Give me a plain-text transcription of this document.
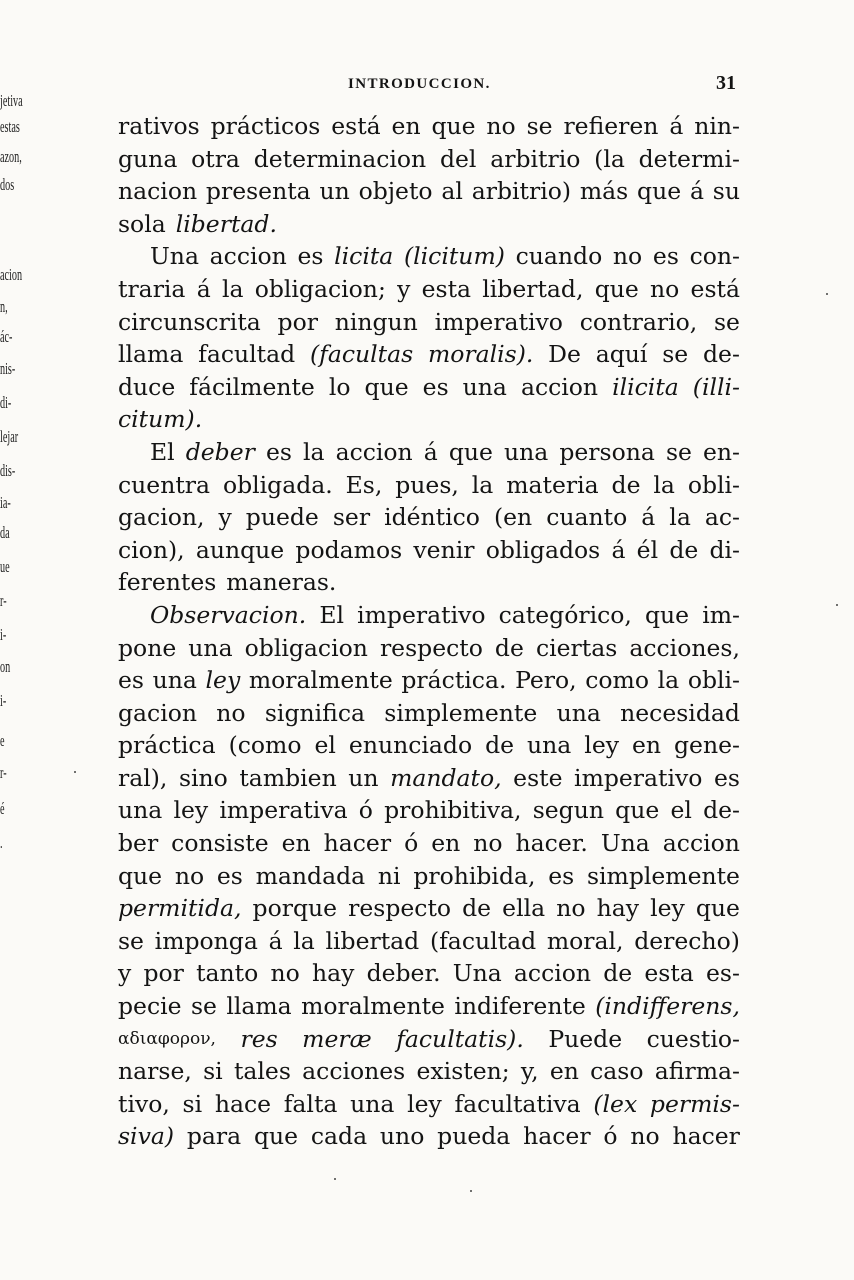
jetiva
estas
azon,
dos
acion
n,
ác-
nis-
di-
lejar
dis-
ia-
da
ue
r-
i-
on
i-
e
r-
é
.
INTRODUCCION.	31
rativos prácticos está en que no se refieren á nin-
guna otra determinacion del arbitrio (la determi-
nacion presenta un objeto al arbitrio) más que á su
sola libertad.
Una accion es licita (licitum) cuando no es con-
traria á la obligacion; y esta libertad, que no está
circunscrita por ningun imperativo contrario, se
llama facultad (facultas moralis). De aquí se de-
duce fácilmente lo que es una accion ilicita (illi-
citum).
El deber es la accion á que una persona se en-
cuentra obligada. Es, pues, la materia de la obli-
gacion, y puede ser idéntico (en cuanto á la ac-
cion), aunque podamos venir obligados á él de di-
ferentes maneras.
Observacion. El imperativo categórico, que im-
pone una obligacion respecto de ciertas acciones,
es una ley moralmente práctica. Pero, como la obli-
gacion no significa simplemente una necesidad
práctica (como el enunciado de una ley en gene-
ral), sino tambien un mandato, este imperativo es
una ley imperativa ó prohibitiva, segun que el de-
ber consiste en hacer ó en no hacer. Una accion
que no es mandada ni prohibida, es simplemente
permitida, porque respecto de ella no hay ley que
se imponga á la libertad (facultad moral, derecho)
y por tanto no hay deber. Una accion de esta es-
pecie se llama moralmente indiferente (indifferens,
αδιαφορον, res meræ facultatis). Puede cuestio-
narse, si tales acciones existen; y, en caso afirma-
tivo, si hace falta una ley facultativa (lex permis-
siva) para que cada uno pueda hacer ó no hacer
